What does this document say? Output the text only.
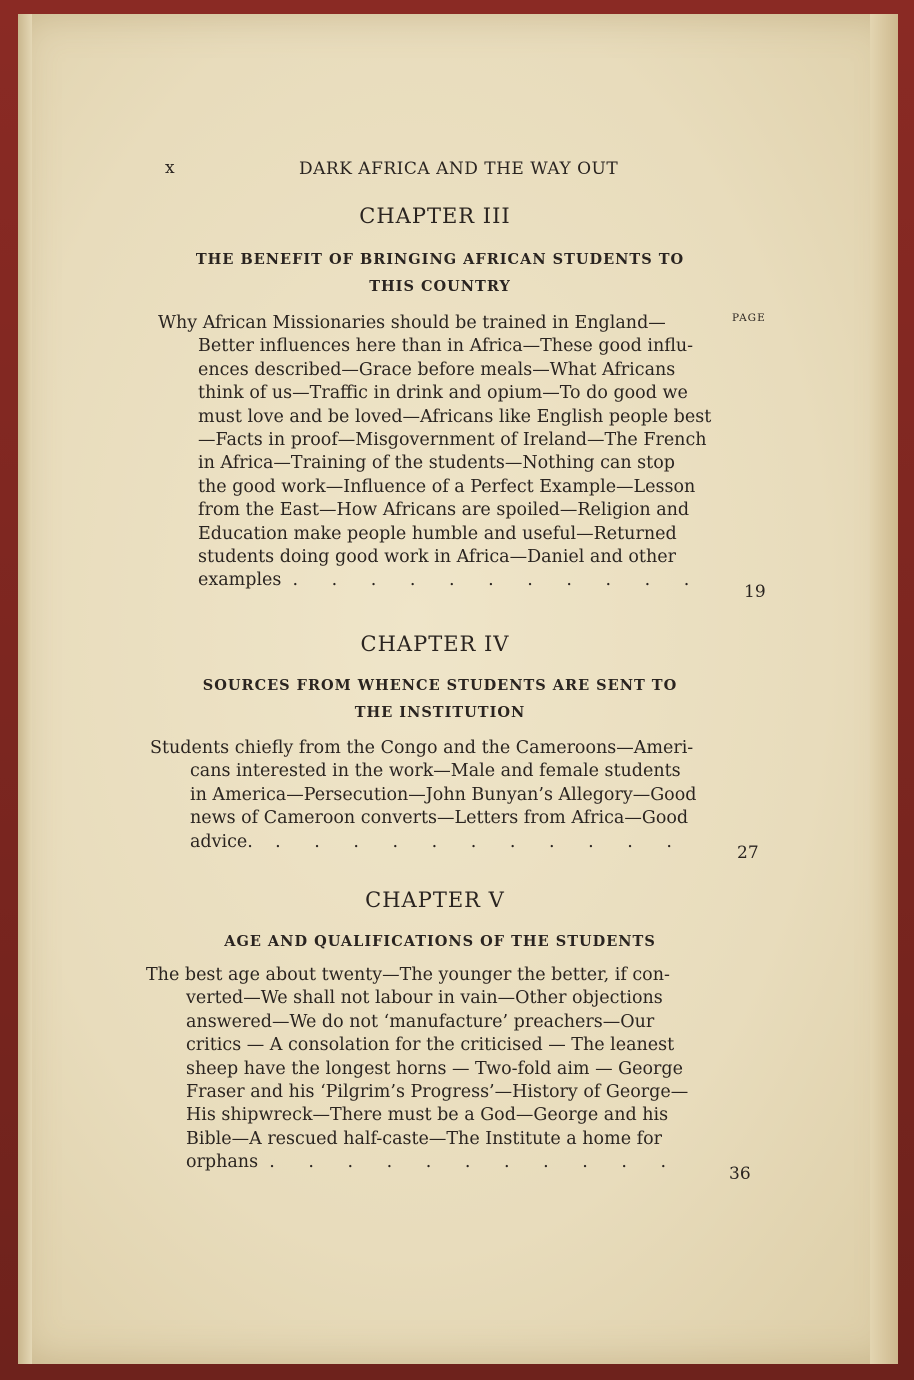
x	DARK AFRICA AND THE WAY OUT
PAGE
CHAPTER III
THE BENEFIT OF BRINGING AFRICAN STUDENTS TO
THIS COUNTRY
Why African Missionaries should be trained in England—
Better influences here than in Africa—These good influ-
ences described—Grace before meals—What Africans
think of us—Traffic in drink and opium—To do good we
must love and be loved—Africans like English people best
—Facts in proof—Misgovernment of Ireland—The French
in Africa—Training of the students—Nothing can stop
the good work—Influence of a Perfect Example—Lesson
from the East—How Africans are spoiled—Religion and
Education make people humble and useful—Returned
students doing good work in Africa—Daniel and other
examples . . . . . . . . . . .
19
CHAPTER IV
SOURCES FROM WHENCE STUDENTS ARE SENT TO
THE INSTITUTION
Students chiefly from the Congo and the Cameroons—Ameri-
cans interested in the work—Male and female students
in America—Persecution—John Bunyan’s Allegory—Good
news of Cameroon converts—Letters from Africa—Good
advice. . . . . . . . . . . .
27
CHAPTER V
AGE AND QUALIFICATIONS OF THE STUDENTS
The best age about twenty—The younger the better, if con-
verted—We shall not labour in vain—Other objections
answered—We do not ‘manufacture’ preachers—Our
critics — A consolation for the criticised — The leanest
sheep have the longest horns — Two-fold aim — George
Fraser and his ‘Pilgrim’s Progress’—History of George—
His shipwreck—There must be a God—George and his
Bible—A rescued half-caste—The Institute a home for
orphans . . . . . . . . . . .
36
